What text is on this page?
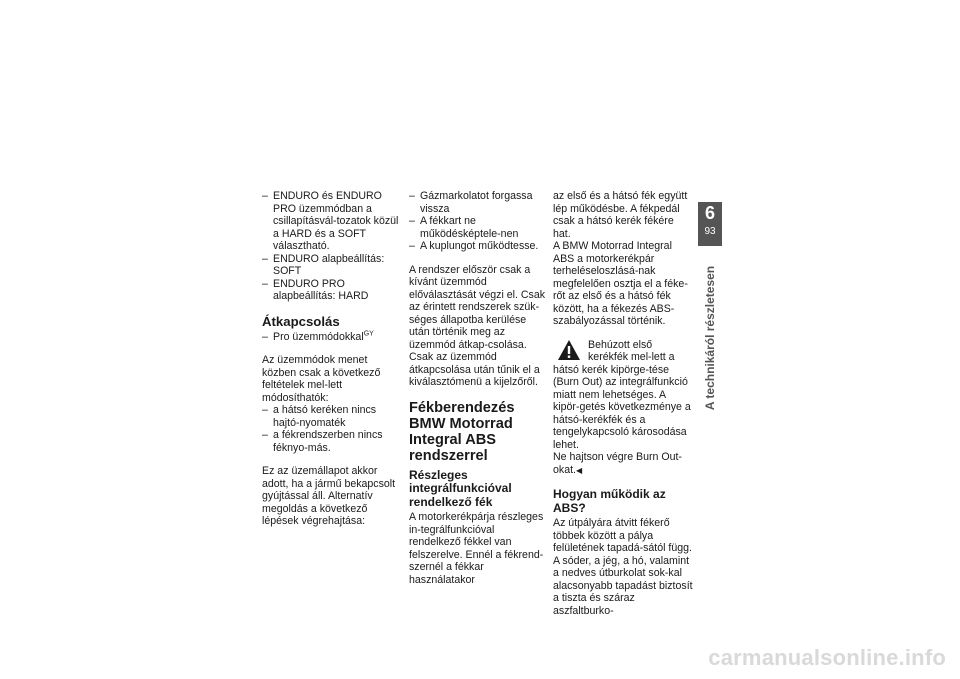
– ENDURO és ENDURO PRO üzemmódban a csillapításvál-tozatok közül a HARD és a SOFT választható.

– ENDURO alapbeállítás: SOFT

– ENDURO PRO alapbeállítás: HARD

Átkapcsolás

– Pro üzemmódokkal$^{GY}$

Az üzemmódok menet közben csak a következő feltételek mel-lett módosíthatók:

– a hátsó keréken nincs hajtó-nyomaték

– a fékrendszerben nincs féknyo-más.

Ez az üzemállapot akkor adott, ha a jármű bekapcsolt gyújtással áll. Alternatív megoldás a következő lépések végrehajtása:

– Gázmarkolatot forgassa vissza

– A fékkart ne működésképtele-nen

– A kuplungot működtesse.

A rendszer először csak a kívánt üzemmód előválasztását végzi el. Csak az érintett rendszerek szük-séges állapotba kerülése után történik meg az üzemmód átkap-csolása.

Csak az üzemmód átkapcsolása után tűnik el a kiválasztómenü a kijelzőről.

Fékberendezés BMW Motorrad Integral ABS rendszerrel
Részleges integrálfunkcióval rendelkező fék

A motorkerékpárja részleges in-tegrálfunkcióval rendelkező fékkel van felszerelve. Ennél a fékrend-szernél a fékkar használatakor

az első és a hátsó fék együtt lép működésbe. A fékpedál csak a hátsó kerék fékére hat.

A BMW Motorrad Integral ABS a motorkerékpár terheléseloszlásá-nak megfelelően osztja el a féke-rőt az első és a hátsó fék között, ha a fékezés ABS-szabályozással történik.

Behúzott első kerékfék mel-lett a hátsó kerék kipörge-tése (Burn Out) az integrálfunkció miatt nem lehetséges. A kipör-getés következménye a hátsó-kerékfék és a tengelykapcsoló károsodása lehet.

Ne hajtson végre Burn Out-okat.◀

Hogyan működik az ABS?

Az útpályára átvitt fékerő többek között a pálya felületének tapadá-sától függ. A sóder, a jég, a hó, valamint a nedves útburkolat sok-kal alacsonyabb tapadást biztosít a tiszta és száraz aszfaltburko-

6
93
A technikáról részletesen
carmanualsonline.info
